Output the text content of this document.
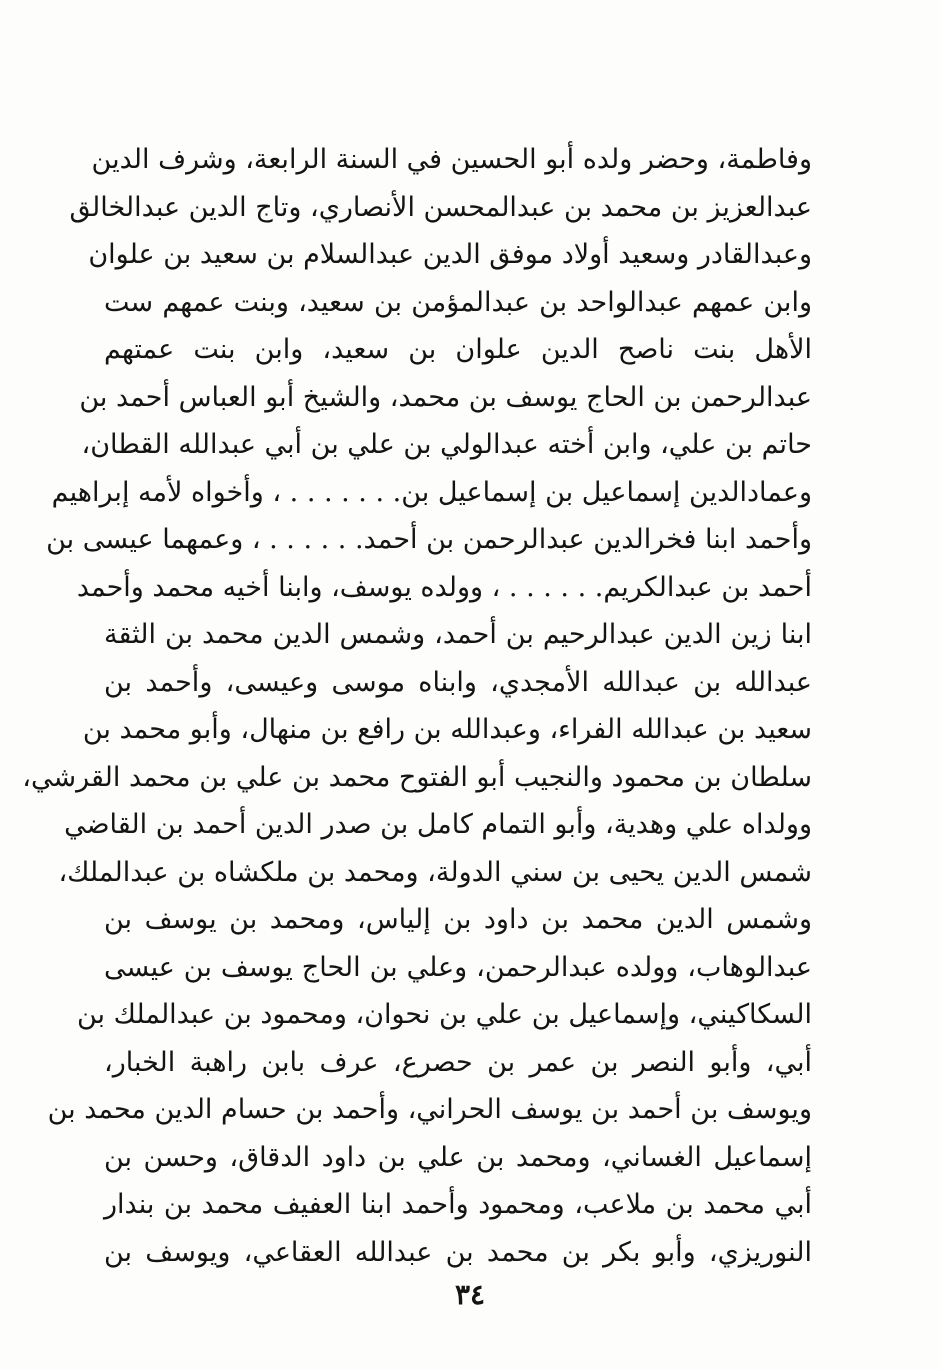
وفاطمة، وحضر ولده أبو الحسين في السنة الرابعة، وشرف الدين
عبدالعزيز بن محمد بن عبدالمحسن الأنصاري، وتاج الدين عبدالخالق
وعبدالقادر وسعيد أولاد موفق الدين عبدالسلام بن سعيد بن علوان
وابن عمهم عبدالواحد بن عبدالمؤمن بن سعيد، وبنت عمهم ست
الأهل بنت ناصح الدين علوان بن سعيد، وابن بنت عمتهم
عبدالرحمن بن الحاج يوسف بن محمد، والشيخ أبو العباس أحمد بن
حاتم بن علي، وابن أخته عبدالولي بن علي بن أبي عبدالله القطان،
وعمادالدين إسماعيل بن إسماعيل بن. . . . . . . ، وأخواه لأمه إبراهيم
وأحمد ابنا فخرالدين عبدالرحمن بن أحمد. . . . . . ، وعمهما عيسى بن
أحمد بن عبدالكريم. . . . . . ، وولده يوسف، وابنا أخيه محمد وأحمد
ابنا زين الدين عبدالرحيم بن أحمد، وشمس الدين محمد بن الثقة
عبدالله بن عبدالله الأمجدي، وابناه موسى وعيسى، وأحمد بن
سعيد بن عبدالله الفراء، وعبدالله بن رافع بن منهال، وأبو محمد بن
سلطان بن محمود والنجيب أبو الفتوح محمد بن علي بن محمد القرشي،
وولداه علي وهدية، وأبو التمام كامل بن صدر الدين أحمد بن القاضي
شمس الدين يحيى بن سني الدولة، ومحمد بن ملكشاه بن عبدالملك،
وشمس الدين محمد بن داود بن إلياس، ومحمد بن يوسف بن
عبدالوهاب، وولده عبدالرحمن، وعلي بن الحاج يوسف بن عيسى
السكاكيني، وإسماعيل بن علي بن نحوان، ومحمود بن عبدالملك بن
أبي، وأبو النصر بن عمر بن حصرع، عرف بابن راهبة الخبار،
ويوسف بن أحمد بن يوسف الحراني، وأحمد بن حسام الدين محمد بن
إسماعيل الغساني، ومحمد بن علي بن داود الدقاق، وحسن بن
أبي محمد بن ملاعب، ومحمود وأحمد ابنا العفيف محمد بن بندار
النوريزي، وأبو بكر بن محمد بن عبدالله العقاعي، ويوسف بن
٣٤
